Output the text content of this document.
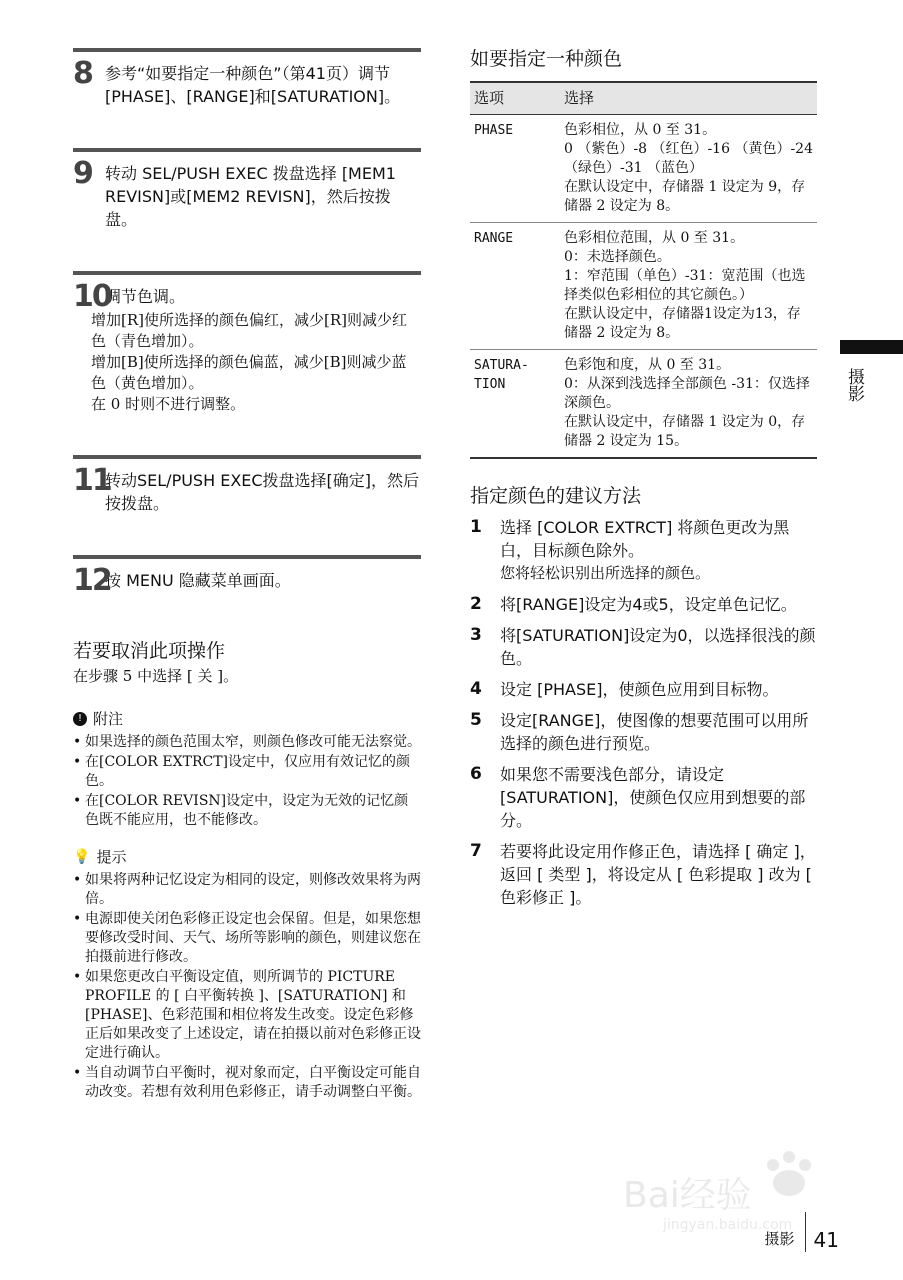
8 参考“如要指定一种颜色”（第41页）调节[PHASE]、[RANGE]和[SATURATION]。
9 转动 SEL/PUSH EXEC 拨盘选择 [MEM1 REVISN]或[MEM2 REVISN]，然后按拨盘。
10
调节色调。

增加[R]使所选择的颜色偏红，减少[R]则减少红色（青色增加）。

增加[B]使所选择的颜色偏蓝，减少[B]则减少蓝色（黄色增加）。

在 0 时则不进行调整。

11
转动SEL/PUSH EXEC拨盘选择[确定]，然后按拨盘。
12
按 MENU 隐藏菜单画面。
若要取消此项操作

在步骤 5 中选择 [ 关 ]。

! 附注
• 如果选择的颜色范围太窄，则颜色修改可能无法察觉。
• 在[COLOR EXTRCT]设定中，仅应用有效记忆的颜色。
• 在[COLOR REVISN]设定中，设定为无效的记忆颜色既不能应用，也不能修改。
💡 提示
• 如果将两种记忆设定为相同的设定，则修改效果将为两倍。
• 电源即使关闭色彩修正设定也会保留。但是，如果您想要修改受时间、天气、场所等影响的颜色，则建议您在拍摄前进行修改。
• 如果您更改白平衡设定值，则所调节的 PICTURE PROFILE 的 [ 白平衡转换 ]、[SATURATION] 和 [PHASE]、色彩范围和相位将发生改变。设定色彩修正后如果改变了上述设定，请在拍摄以前对色彩修正设定进行确认。
• 当自动调节白平衡时，视对象而定，白平衡设定可能自动改变。若想有效利用色彩修正，请手动调整白平衡。
如要指定一种颜色
选项	选择
PHASE	色彩相位，从 0 至 31。

0 （紫色）-8 （红色）-16 （黄色）-24 （绿色）-31 （蓝色）

在默认设定中，存储器 1 设定为 9，存储器 2 设定为 8。

RANGE	色彩相位范围，从 0 至 31。

0：未选择颜色。

1：窄范围（单色）-31：宽范围（也选择类似色彩相位的其它颜色。）

在默认设定中，存储器1设定为13，存储器 2 设定为 8。

SATURA-TION	色彩饱和度，从 0 至 31。

0：从深到浅选择全部颜色 -31：仅选择深颜色。

在默认设定中，存储器 1 设定为 0，存储器 2 设定为 15。

指定颜色的建议方法
1 选择 [COLOR EXTRCT] 将颜色更改为黑白，目标颜色除外。
您将轻松识别出所选择的颜色。
2 将[RANGE]设定为4或5，设定单色记忆。
3 将[SATURATION]设定为0，以选择很浅的颜色。
4 设定 [PHASE]，使颜色应用到目标物。
5 设定[RANGE]，使图像的想要范围可以用所选择的颜色进行预览。
6 如果您不需要浅色部分，请设定[SATURATION]，使颜色仅应用到想要的部分。
7 若要将此设定用作修正色，请选择 [ 确定 ]，返回 [ 类型 ]，将设定从 [ 色彩提取 ] 改为 [ 色彩修正 ]。
摄影
Bai经验
jingyan.baidu.com
摄影 41
